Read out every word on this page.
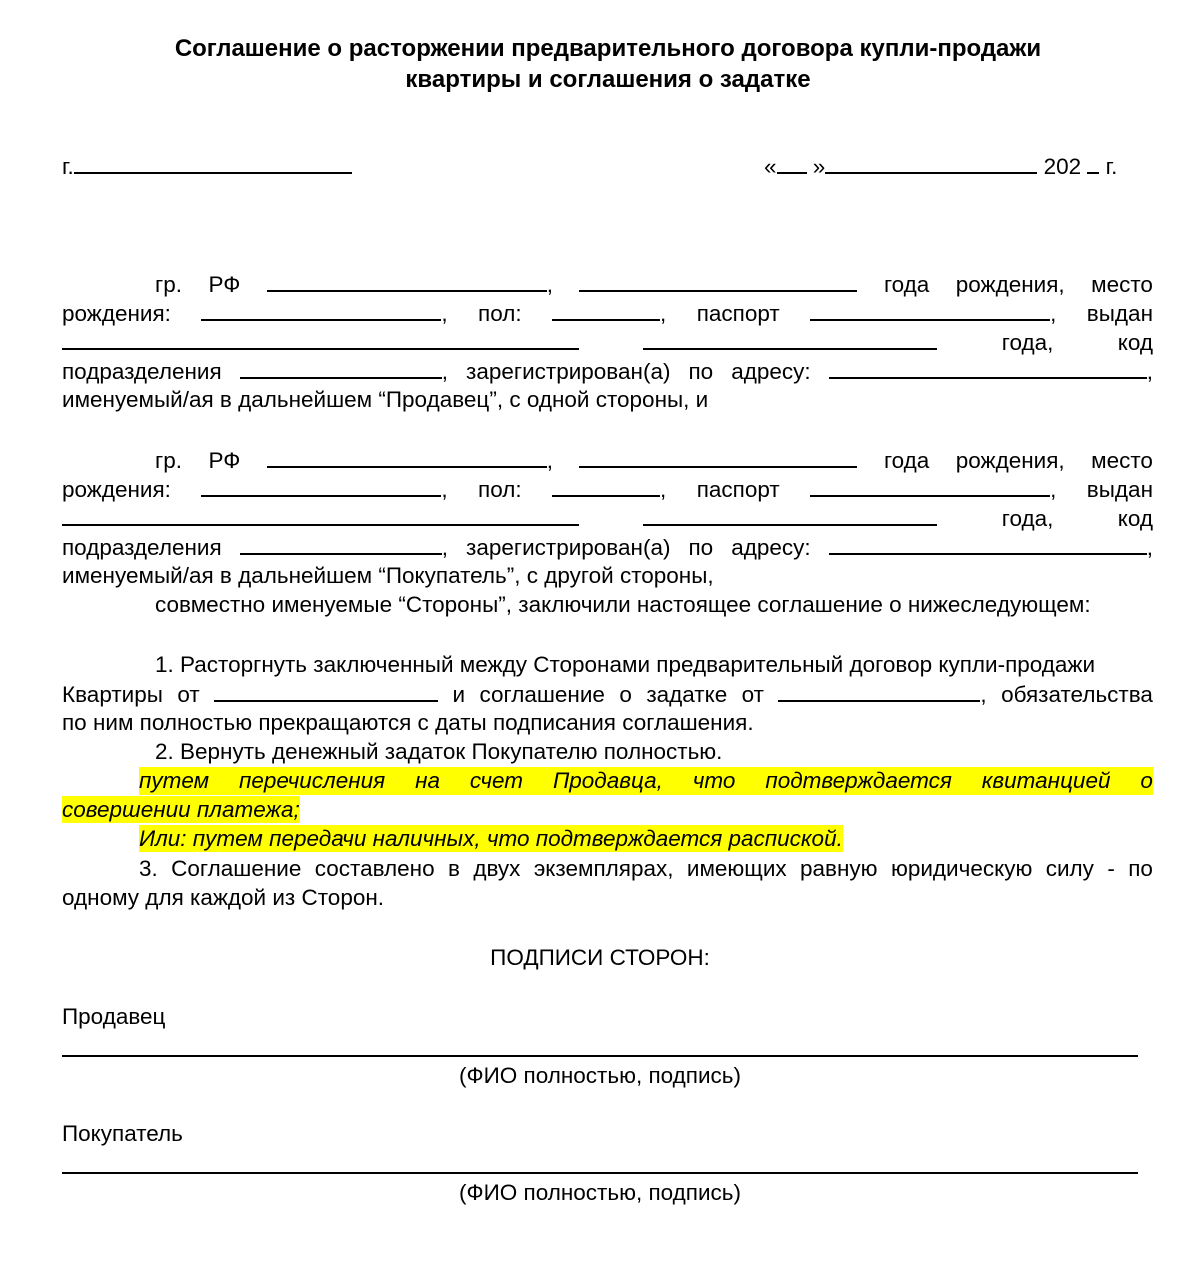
Соглашение о расторжении предварительного договора купли-продажи
квартиры и соглашения о задатке
г.	« »	202 г.
гр. РФ	,	года рождения, место
рождения:	, пол:	, паспорт	, выдан
года,	код
подразделения	, зарегистрирован(а) по адресу:	,
именуемый/ая в дальнейшем “Продавец”, с одной стороны, и
гр. РФ	,	года рождения, место
рождения:	, пол:	, паспорт	, выдан
года,	код
подразделения	, зарегистрирован(а) по адресу:	,
именуемый/ая в дальнейшем “Покупатель”, с другой стороны,
совместно именуемые “Стороны”, заключили настоящее соглашение о нижеследующем:
1. Расторгнуть заключенный между Сторонами предварительный договор купли-продажи
Квартиры от	и соглашение о задатке от	, обязательства
по ним полностью прекращаются с даты подписания соглашения.
2. Вернуть денежный задаток Покупателю полностью.
путем перечисления на счет Продавца, что подтверждается квитанцией о
совершении платежа;
Или: путем передачи наличных, что подтверждается распиской.
3. Соглашение составлено в двух экземплярах, имеющих равную юридическую силу - по
одному для каждой из Сторон.
ПОДПИСИ СТОРОН:
Продавец
(ФИО полностью, подпись)
Покупатель
(ФИО полностью, подпись)
